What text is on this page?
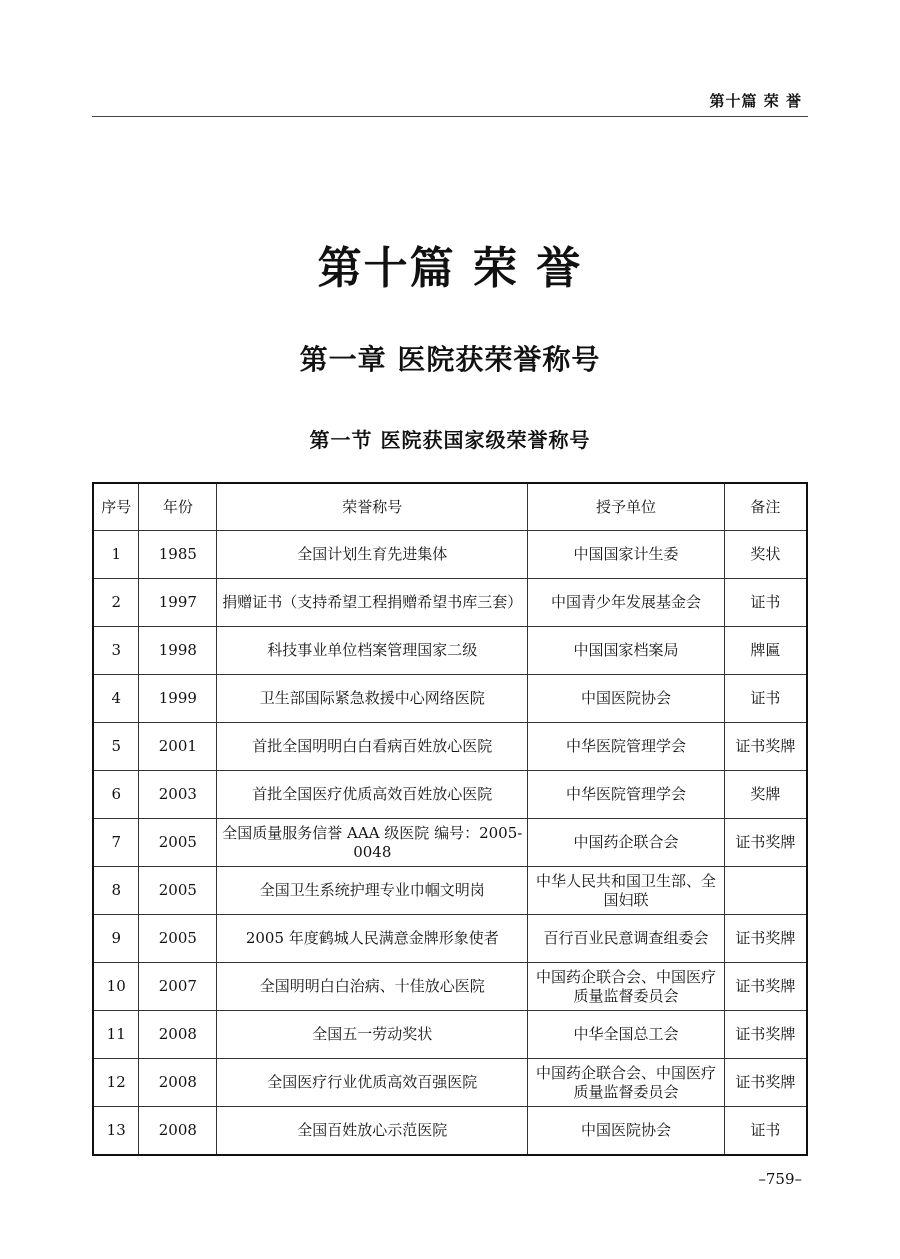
第十篇 荣 誉
第十篇 荣 誉
第一章 医院获荣誉称号
第一节 医院获国家级荣誉称号
序号	年份	荣誉称号	授予单位	备注
1	1985	全国计划生育先进集体	中国国家计生委	奖状
2	1997	捐赠证书（支持希望工程捐赠希望书库三套）	中国青少年发展基金会	证书
3	1998	科技事业单位档案管理国家二级	中国国家档案局	牌匾
4	1999	卫生部国际紧急救援中心网络医院	中国医院协会	证书
5	2001	首批全国明明白白看病百姓放心医院	中华医院管理学会	证书奖牌
6	2003	首批全国医疗优质高效百姓放心医院	中华医院管理学会	奖牌
7	2005	全国质量服务信誉 AAA 级医院 编号：2005-0048	中国药企联合会	证书奖牌
8	2005	全国卫生系统护理专业巾帼文明岗	中华人民共和国卫生部、全国妇联	
9	2005	2005 年度鹤城人民满意金牌形象使者	百行百业民意调查组委会	证书奖牌
10	2007	全国明明白白治病、十佳放心医院	中国药企联合会、中国医疗质量监督委员会	证书奖牌
11	2008	全国五一劳动奖状	中华全国总工会	证书奖牌
12	2008	全国医疗行业优质高效百强医院	中国药企联合会、中国医疗质量监督委员会	证书奖牌
13	2008	全国百姓放心示范医院	中国医院协会	证书
–759–
